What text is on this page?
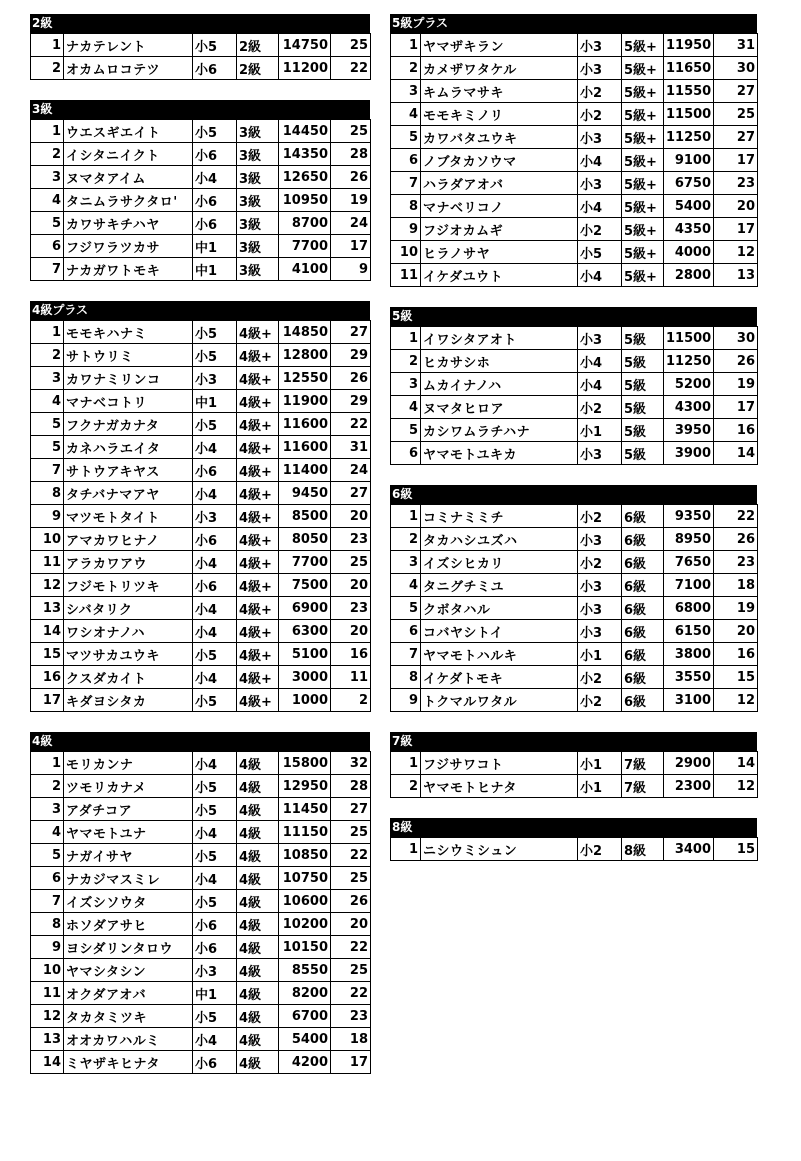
2級
1	ナカテレント	小5	2級	14750	25
2	オカムロコテツ	小6	2級	11200	22
3級
1	ウエスギエイト	小5	3級	14450	25
2	イシタニイクト	小6	3級	14350	28
3	ヌマタアイム	小4	3級	12650	26
4	タニムラサクタロ'	小6	3級	10950	19
5	カワサキチハヤ	小6	3級	8700	24
6	フジワラツカサ	中1	3級	7700	17
7	ナカガワトモキ	中1	3級	4100	9
4級プラス
1	モモキハナミ	小5	4級+	14850	27
2	サトウリミ	小5	4級+	12800	29
3	カワナミリンコ	小3	4級+	12550	26
4	マナベコトリ	中1	4級+	11900	29
5	フクナガカナタ	小5	4級+	11600	22
5	カネハラエイタ	小4	4級+	11600	31
7	サトウアキヤス	小6	4級+	11400	24
8	タチバナマアヤ	小4	4級+	9450	27
9	マツモトタイト	小3	4級+	8500	20
10	アマカワヒナノ	小6	4級+	8050	23
11	アラカワアウ	小4	4級+	7700	25
12	フジモトリツキ	小6	4級+	7500	20
13	シバタリク	小4	4級+	6900	23
14	ワシオナノハ	小4	4級+	6300	20
15	マツサカユウキ	小5	4級+	5100	16
16	クスダカイト	小4	4級+	3000	11
17	キダヨシタカ	小5	4級+	1000	2
4級
1	モリカンナ	小4	4級	15800	32
2	ツモリカナメ	小5	4級	12950	28
3	アダチコア	小5	4級	11450	27
4	ヤマモトユナ	小4	4級	11150	25
5	ナガイサヤ	小5	4級	10850	22
6	ナカジマスミレ	小4	4級	10750	25
7	イズシソウタ	小5	4級	10600	26
8	ホソダアサヒ	小6	4級	10200	20
9	ヨシダリンタロウ	小6	4級	10150	22
10	ヤマシタシン	小3	4級	8550	25
11	オクダアオバ	中1	4級	8200	22
12	タカタミツキ	小5	4級	6700	23
13	オオカワハルミ	小4	4級	5400	18
14	ミヤザキヒナタ	小6	4級	4200	17
5級プラス
1	ヤマザキラン	小3	5級+	11950	31
2	カメザワタケル	小3	5級+	11650	30
3	キムラマサキ	小2	5級+	11550	27
4	モモキミノリ	小2	5級+	11500	25
5	カワバタユウキ	小3	5級+	11250	27
6	ノブタカソウマ	小4	5級+	9100	17
7	ハラダアオバ	小3	5級+	6750	23
8	マナベリコノ	小4	5級+	5400	20
9	フジオカムギ	小2	5級+	4350	17
10	ヒラノサヤ	小5	5級+	4000	12
11	イケダユウト	小4	5級+	2800	13
5級
1	イワシタアオト	小3	5級	11500	30
2	ヒカサシホ	小4	5級	11250	26
3	ムカイナノハ	小4	5級	5200	19
4	ヌマタヒロア	小2	5級	4300	17
5	カシワムラチハナ	小1	5級	3950	16
6	ヤマモトユキカ	小3	5級	3900	14
6級
1	コミナミミチ	小2	6級	9350	22
2	タカハシユズハ	小3	6級	8950	26
3	イズシヒカリ	小2	6級	7650	23
4	タニグチミユ	小3	6級	7100	18
5	クボタハル	小3	6級	6800	19
6	コバヤシトイ	小3	6級	6150	20
7	ヤマモトハルキ	小1	6級	3800	16
8	イケダトモキ	小2	6級	3550	15
9	トクマルワタル	小2	6級	3100	12
7級
1	フジサワコト	小1	7級	2900	14
2	ヤマモトヒナタ	小1	7級	2300	12
8級
1	ニシウミシュン	小2	8級	3400	15
